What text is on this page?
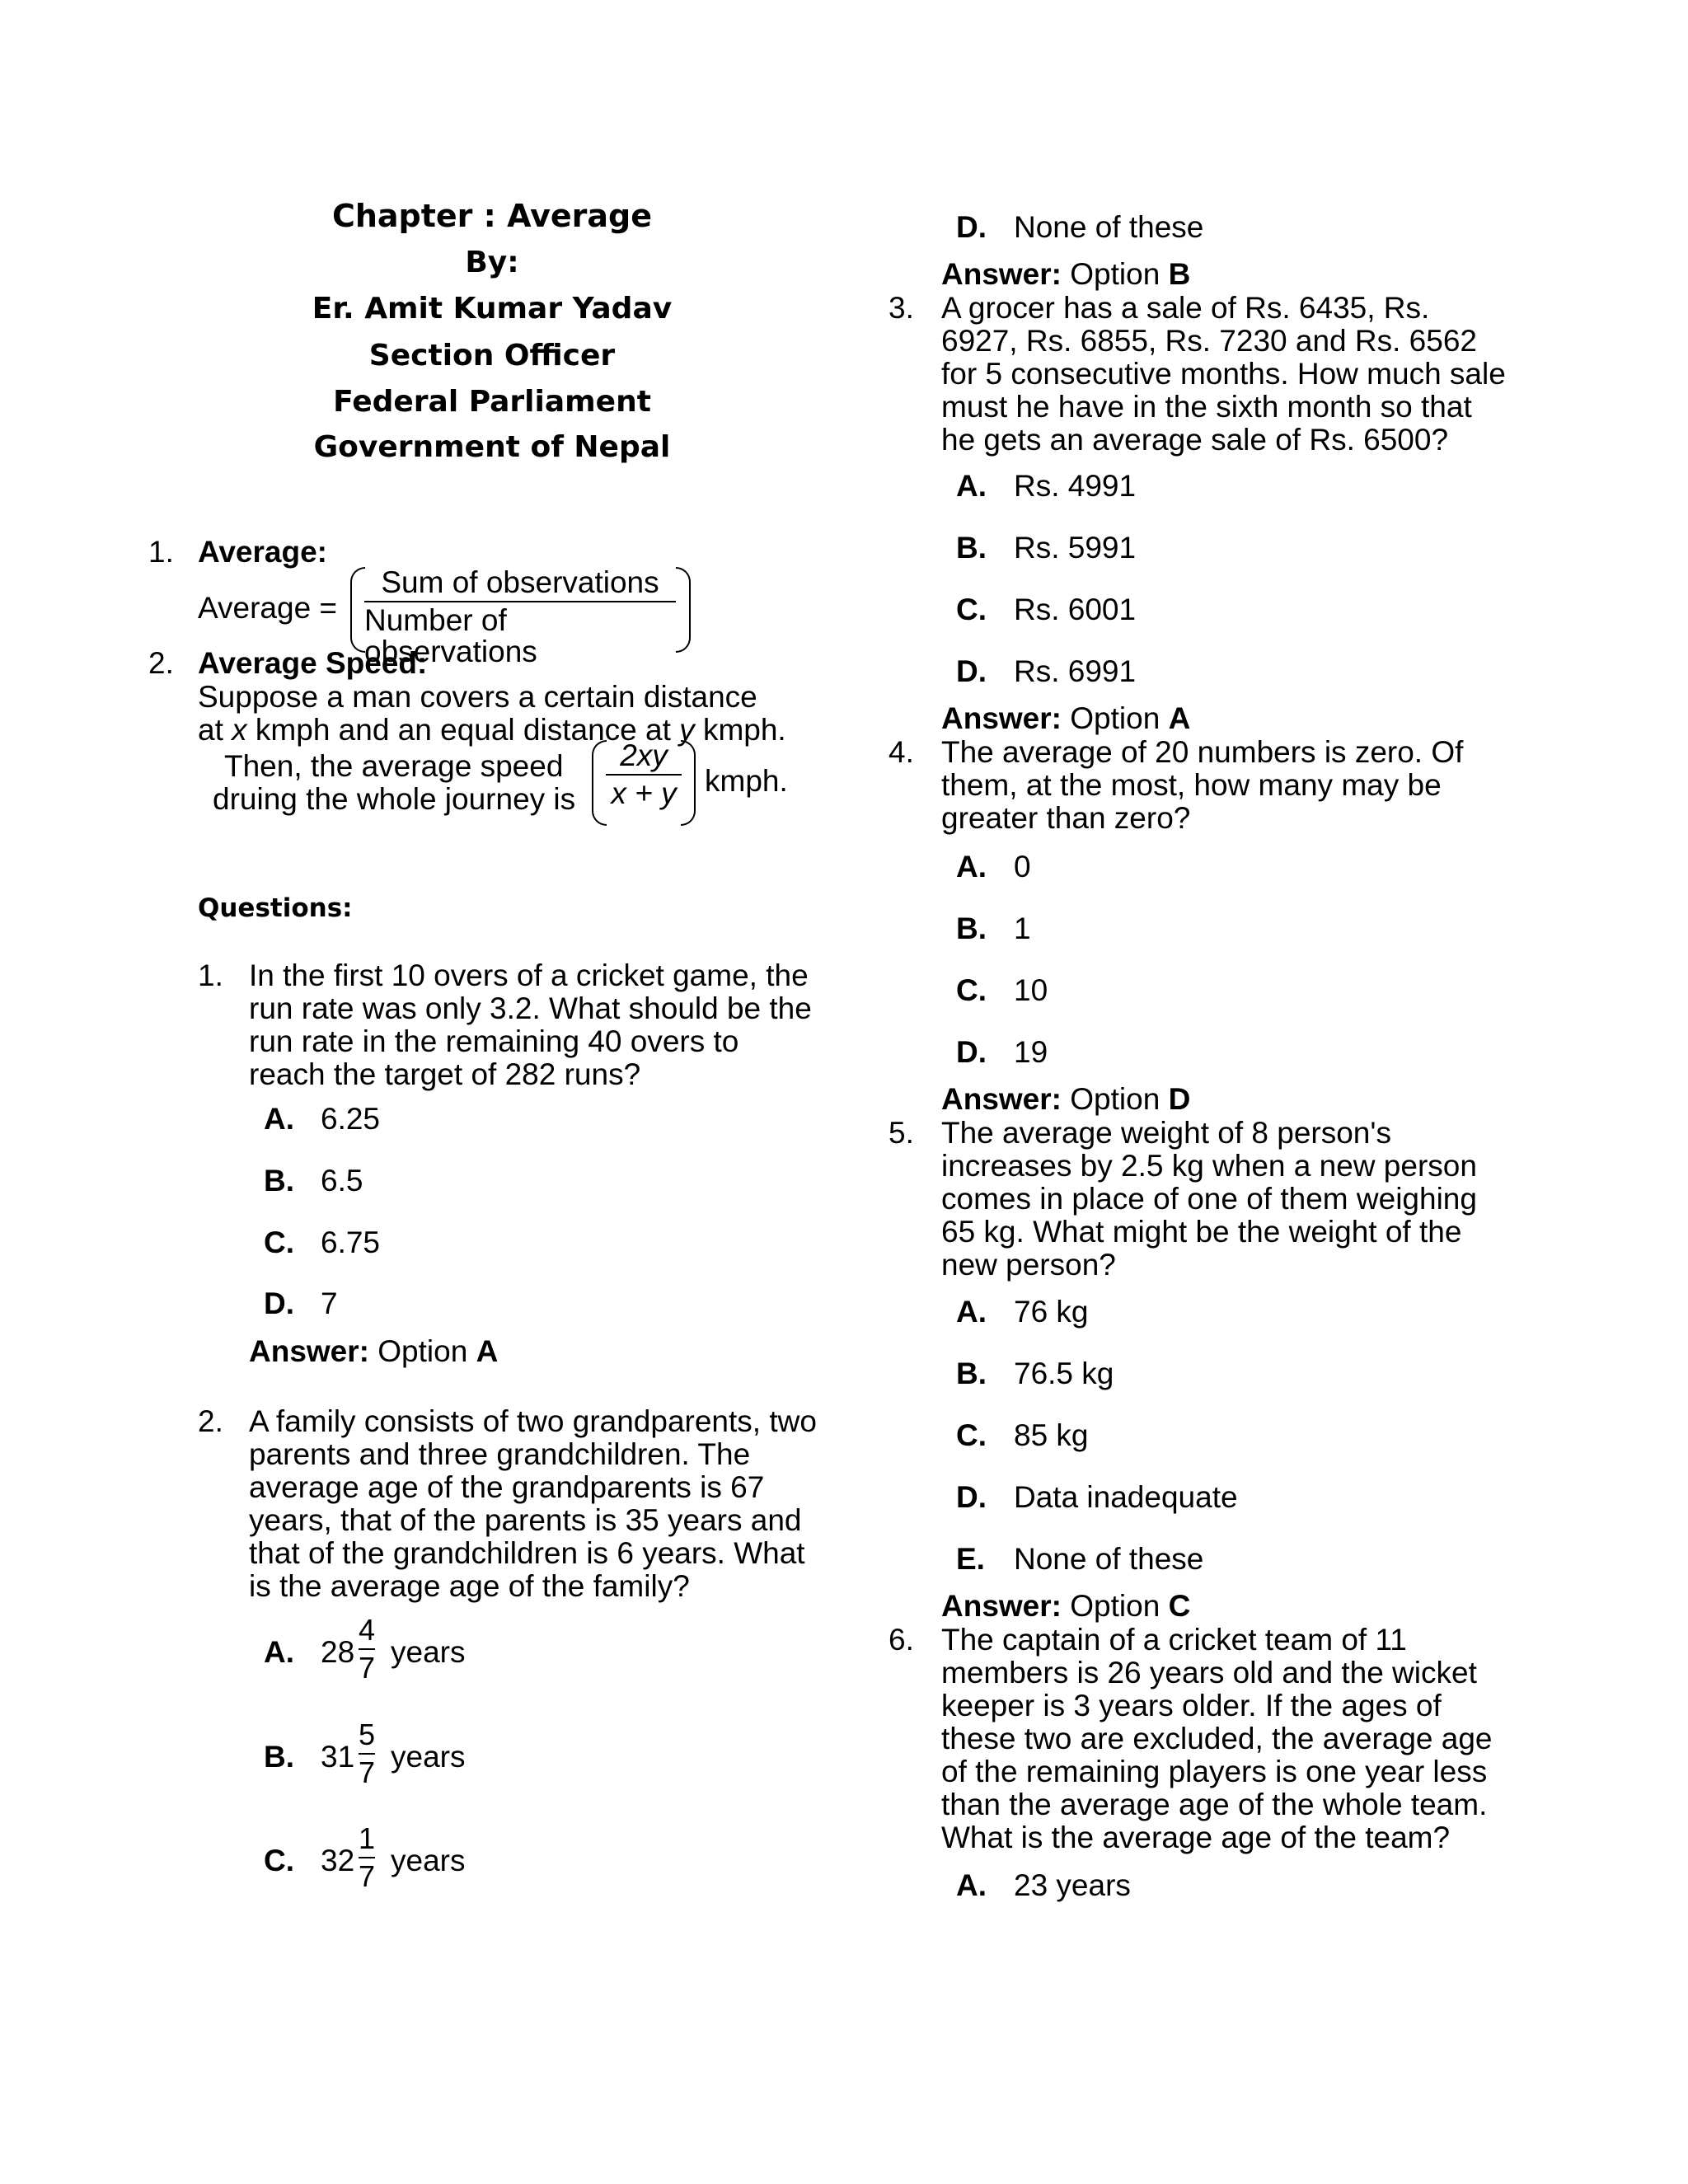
Chapter : Average
By:
Er. Amit Kumar Yadav
Section Officer
Federal Parliament
Government of Nepal
1. Average:
Average =
Sum of observations
Number of observations
2. Average Speed:
Suppose a man covers a certain distance
at x kmph and an equal distance at y kmph.
Then, the average speed
druing the whole journey is
2xy
x + y kmph.
Questions:
1. In the first 10 overs of a cricket game, the

run rate was only 3.2. What should be the

run rate in the remaining 40 overs to

reach the target of 282 runs?

A. 6.25
B. 6.5
C. 6.75
D. 7
Answer: Option A
2. A family consists of two grandparents, two

parents and three grandchildren. The

average age of the grandparents is 67

years, that of the parents is 35 years and

that of the grandchildren is 6 years. What

is the average age of the family?

A. 28
4
7 years
B. 31
5
7 years
C. 32
1
7 years
D. None of these
Answer: Option B
3. A grocer has a sale of Rs. 6435, Rs.

6927, Rs. 6855, Rs. 7230 and Rs. 6562

for 5 consecutive months. How much sale

must he have in the sixth month so that

he gets an average sale of Rs. 6500?

A. Rs. 4991
B. Rs. 5991
C. Rs. 6001
D. Rs. 6991
Answer: Option A
4. The average of 20 numbers is zero. Of

them, at the most, how many may be

greater than zero?

A. 0
B. 1
C. 10
D. 19
Answer: Option D
5. The average weight of 8 person's

increases by 2.5 kg when a new person

comes in place of one of them weighing

65 kg. What might be the weight of the

new person?

A. 76 kg
B. 76.5 kg
C. 85 kg
D. Data inadequate
E. None of these
Answer: Option C
6. The captain of a cricket team of 11

members is 26 years old and the wicket

keeper is 3 years older. If the ages of

these two are excluded, the average age

of the remaining players is one year less

than the average age of the whole team.

What is the average age of the team?

A. 23 years
